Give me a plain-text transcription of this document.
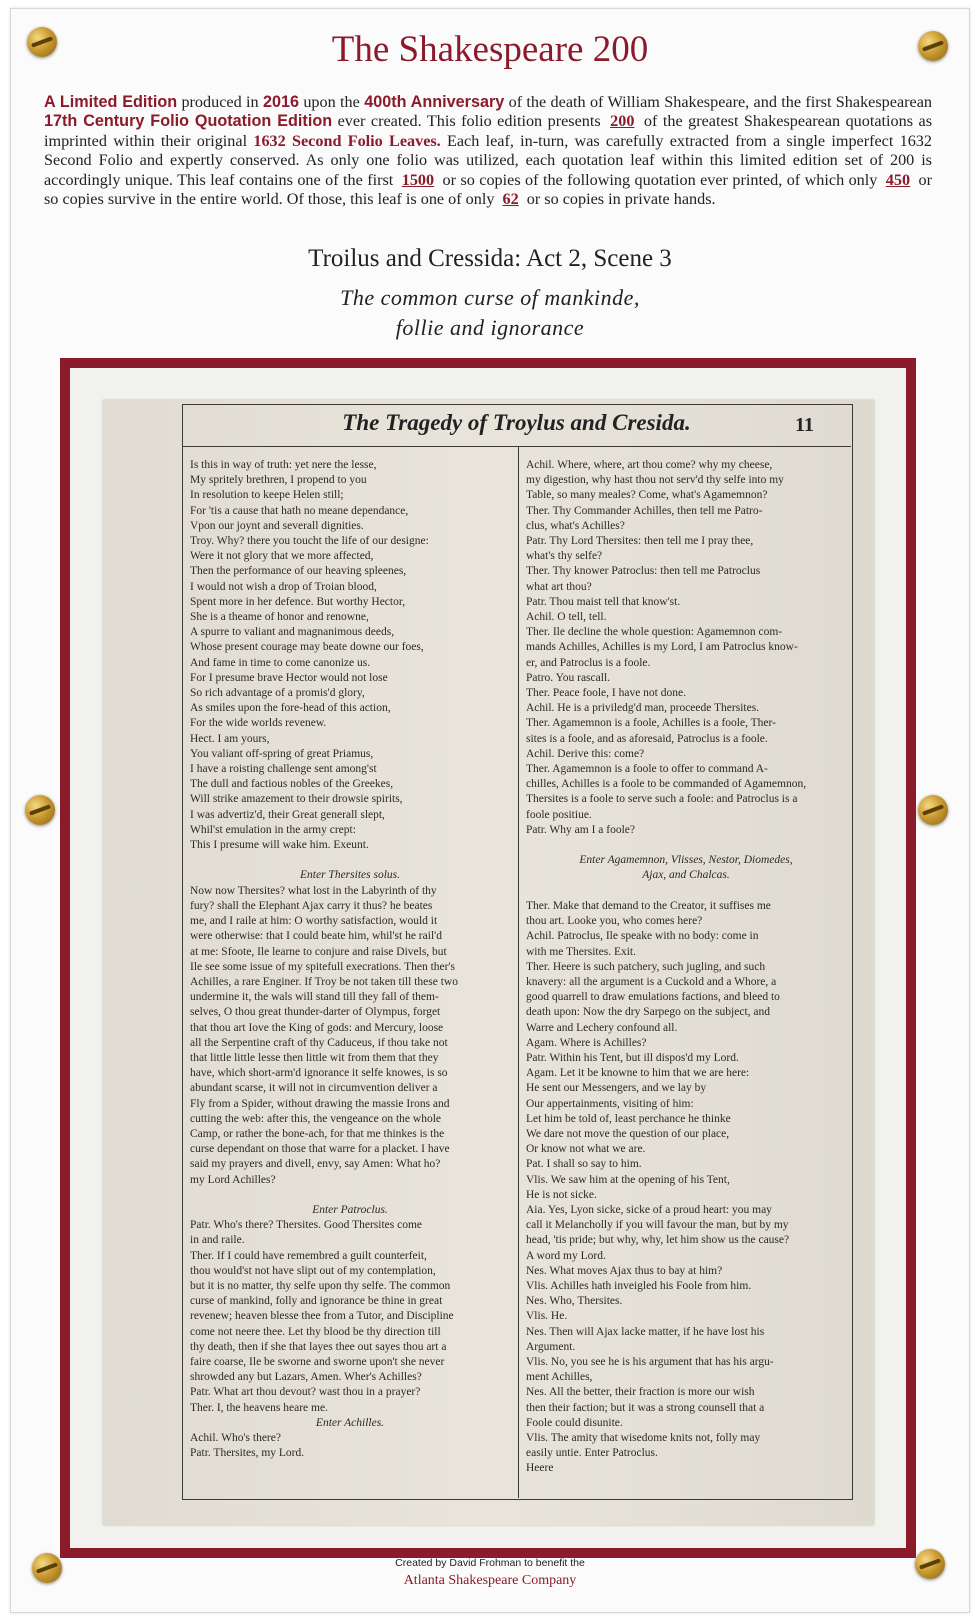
The Shakespeare 200
A Limited Edition produced in 2016 upon the 400th Anniversary of the death of William Shakespeare, and the first Shakespearean 17th Century Folio Quotation Edition ever created. This folio edition presents 200 of the greatest Shakespearean quotations as imprinted within their original 1632 Second Folio Leaves. Each leaf, in-turn, was carefully extracted from a single imperfect 1632 Second Folio and expertly conserved. As only one folio was utilized, each quotation leaf within this limited edition set of 200 is accordingly unique. This leaf contains one of the first 1500 or so copies of the following quotation ever printed, of which only 450 or so copies survive in the entire world. Of those, this leaf is one of only 62 or so copies in private hands.
Troilus and Cressida: Act 2, Scene 3
The common curse of mankinde,
follie and ignorance
The Tragedy of Troylus and Cresida.	11
Is this in way of truth: yet nere the lesse,
My spritely brethren, I propend to you
In resolution to keepe Helen still;
For 'tis a cause that hath no meane dependance,
Vpon our joynt and severall dignities.
Troy. Why? there you toucht the life of our designe:
Were it not glory that we more affected,
Then the performance of our heaving spleenes,
I would not wish a drop of Troian blood,
Spent more in her defence. But worthy Hector,
She is a theame of honor and renowne,
A spurre to valiant and magnanimous deeds,
Whose present courage may beate downe our foes,
And fame in time to come canonize us.
For I presume brave Hector would not lose
So rich advantage of a promis'd glory,
As smiles upon the fore-head of this action,
For the wide worlds revenew.
Hect. I am yours,
You valiant off-spring of great Priamus,
I have a roisting challenge sent among'st
The dull and factious nobles of the Greekes,
Will strike amazement to their drowsie spirits,
I was advertiz'd, their Great generall slept,
Whil'st emulation in the army crept:
This I presume will wake him. Exeunt.

Enter Thersites solus.
Now now Thersites? what lost in the Labyrinth of thy
fury? shall the Elephant Ajax carry it thus? he beates
me, and I raile at him: O worthy satisfaction, would it
were otherwise: that I could beate him, whil'st he rail'd
at me: Sfoote, Ile learne to conjure and raise Divels, but
Ile see some issue of my spitefull execrations. Then ther's
Achilles, a rare Enginer. If Troy be not taken till these two
undermine it, the wals will stand till they fall of them-
selves, O thou great thunder-darter of Olympus, forget
that thou art Iove the King of gods: and Mercury, loose
all the Serpentine craft of thy Caduceus, if thou take not
that little little lesse then little wit from them that they
have, which short-arm'd ignorance it selfe knowes, is so
abundant scarse, it will not in circumvention deliver a
Fly from a Spider, without drawing the massie Irons and
cutting the web: after this, the vengeance on the whole
Camp, or rather the bone-ach, for that me thinkes is the
curse dependant on those that warre for a placket. I have
said my prayers and divell, envy, say Amen: What ho?
my Lord Achilles?

Enter Patroclus.
Patr. Who's there? Thersites. Good Thersites come
in and raile.
Ther. If I could have remembred a guilt counterfeit,
thou would'st not have slipt out of my contemplation,
but it is no matter, thy selfe upon thy selfe. The common
curse of mankind, folly and ignorance be thine in great
revenew; heaven blesse thee from a Tutor, and Discipline
come not neere thee. Let thy blood be thy direction till
thy death, then if she that layes thee out sayes thou art a
faire coarse, Ile be sworne and sworne upon't she never
shrowded any but Lazars, Amen. Wher's Achilles?
Patr. What art thou devout? wast thou in a prayer?
Ther. I, the heavens heare me.
Enter Achilles.
Achil. Who's there?
Patr. Thersites, my Lord.
Achil. Where, where, art thou come? why my cheese,
my digestion, why hast thou not serv'd thy selfe into my
Table, so many meales? Come, what's Agamemnon?
Ther. Thy Commander Achilles, then tell me Patro-
clus, what's Achilles?
Patr. Thy Lord Thersites: then tell me I pray thee,
what's thy selfe?
Ther. Thy knower Patroclus: then tell me Patroclus
what art thou?
Patr. Thou maist tell that know'st.
Achil. O tell, tell.
Ther. Ile decline the whole question: Agamemnon com-
mands Achilles, Achilles is my Lord, I am Patroclus know-
er, and Patroclus is a foole.
Patro. You rascall.
Ther. Peace foole, I have not done.
Achil. He is a priviledg'd man, proceede Thersites.
Ther. Agamemnon is a foole, Achilles is a foole, Ther-
sites is a foole, and as aforesaid, Patroclus is a foole.
Achil. Derive this: come?
Ther. Agamemnon is a foole to offer to command A-
chilles, Achilles is a foole to be commanded of Agamemnon,
Thersites is a foole to serve such a foole: and Patroclus is a
foole positiue.
Patr. Why am I a foole?

Enter Agamemnon, Vlisses, Nestor, Diomedes,
Ajax, and Chalcas.

Ther. Make that demand to the Creator, it suffises me
thou art. Looke you, who comes here?
Achil. Patroclus, Ile speake with no body: come in
with me Thersites. Exit.
Ther. Heere is such patchery, such jugling, and such
knavery: all the argument is a Cuckold and a Whore, a
good quarrell to draw emulations factions, and bleed to
death upon: Now the dry Sarpego on the subject, and
Warre and Lechery confound all.
Agam. Where is Achilles?
Patr. Within his Tent, but ill dispos'd my Lord.
Agam. Let it be knowne to him that we are here:
He sent our Messengers, and we lay by
Our appertainments, visiting of him:
Let him be told of, least perchance he thinke
We dare not move the question of our place,
Or know not what we are.
Pat. I shall so say to him.
Vlis. We saw him at the opening of his Tent,
He is not sicke.
Aia. Yes, Lyon sicke, sicke of a proud heart: you may
call it Melancholly if you will favour the man, but by my
head, 'tis pride; but why, why, let him show us the cause?
A word my Lord.
Nes. What moves Ajax thus to bay at him?
Vlis. Achilles hath inveigled his Foole from him.
Nes. Who, Thersites.
Vlis. He.
Nes. Then will Ajax lacke matter, if he have lost his
Argument.
Vlis. No, you see he is his argument that has his argu-
ment Achilles,
Nes. All the better, their fraction is more our wish
then their faction; but it was a strong counsell that a
Foole could disunite.
Vlis. The amity that wisedome knits not, folly may
easily untie. Enter Patroclus.
Heere
Created by David Frohman to benefit the
Atlanta Shakespeare Company
